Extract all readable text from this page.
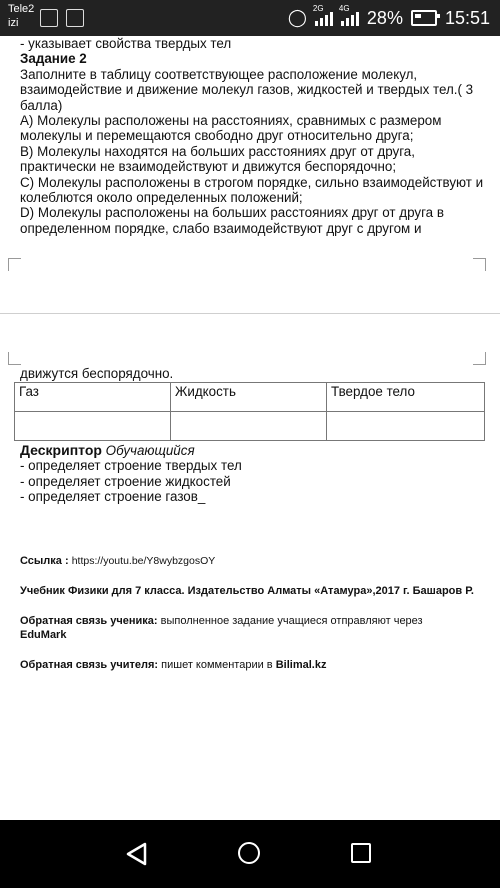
Tele2
izi	◯ 2G 4G 28% 15:51

- указывает свойства твердых тел

Задание 2

Заполните в таблицу соответствующее расположение молекул, взаимодействие и движение молекул газов, жидкостей и твердых тел.( 3 балла)

A) Молекулы расположены на расстояниях, сравнимых с размером молекулы и перемещаются свободно друг относительно друга;

B) Молекулы находятся на больших расстояниях друг от друга, практически не взаимодействуют и движутся беспорядочно;

C) Молекулы расположены в строгом порядке, сильно взаимодействуют и колеблются около определенных положений;

D) Молекулы расположены на больших расстояниях друг от друга в определенном порядке, слабо взаимодействуют друг с другом и

движутся беспорядочно.

Газ	Жидкость	Твердое тело

Дескриптор Обучающийся
- определяет строение твердых тел
- определяет строение жидкостей
- определяет строение газов_

Ссылка : https://youtu.be/Y8wybzgosOY

Учебник Физики для 7 класса. Издательство Алматы «Атамура»,2017 г. Башаров Р.

Обратная связь ученика: выполненное задание учащиеся отправляют через
EduMark

Обратная связь учителя: пишет комментарии в Bilimal.kz
